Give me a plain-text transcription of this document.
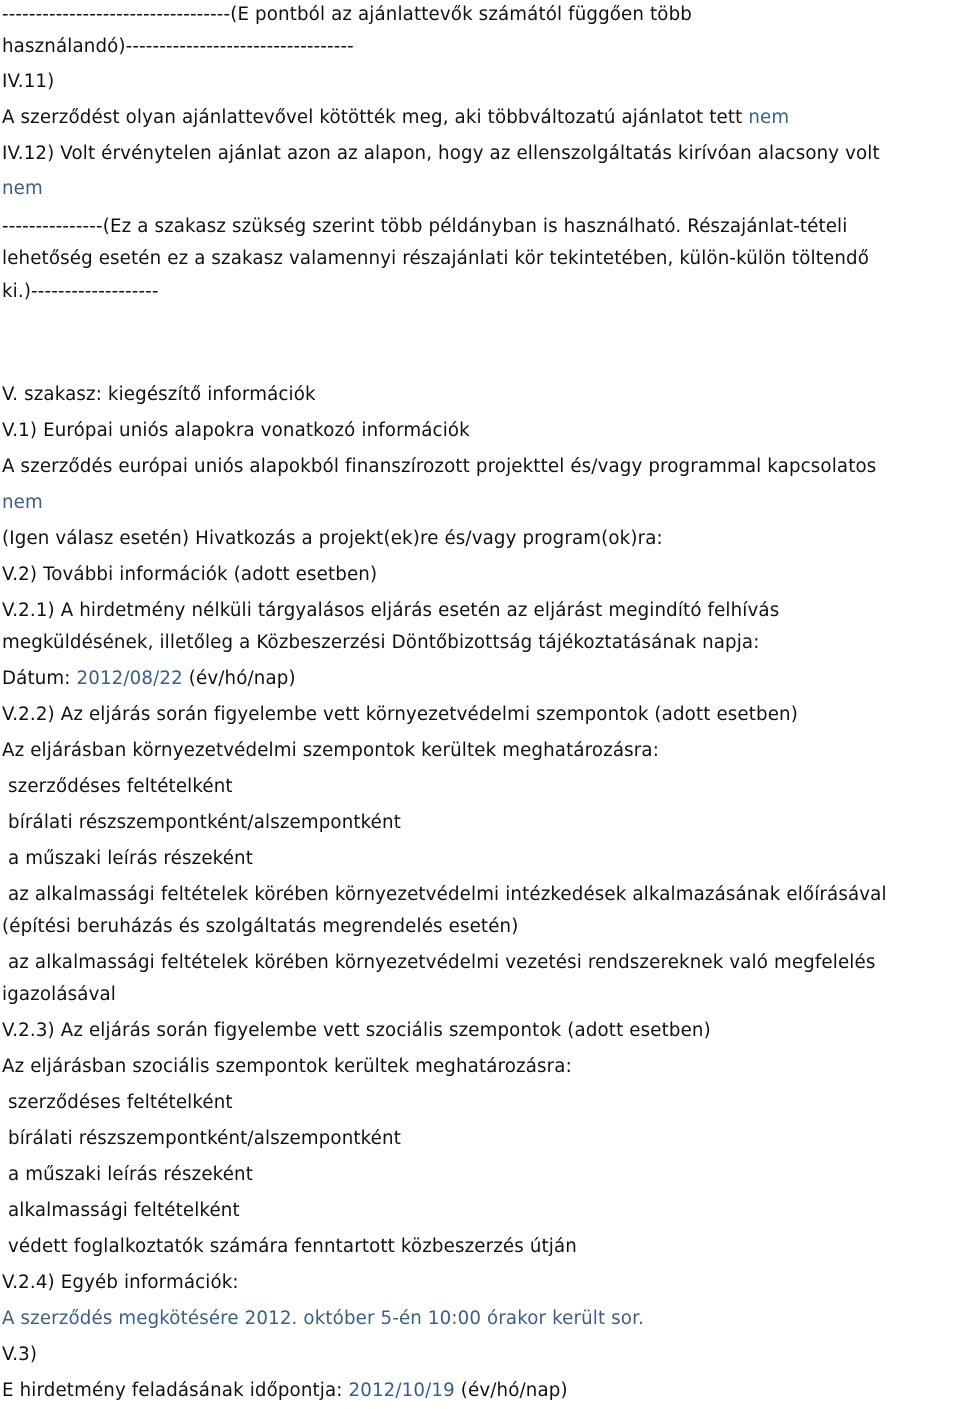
----------------------------------(E pontból az ajánlattevők számától függően több
használandó)----------------------------------
IV.11)
A szerződést olyan ajánlattevővel kötötték meg, aki többváltozatú ajánlatot tett nem
IV.12) Volt érvénytelen ajánlat azon az alapon, hogy az ellenszolgáltatás kirívóan alacsony volt
nem
---------------(Ez a szakasz szükség szerint több példányban is használható. Részajánlat-tételi
lehetőség esetén ez a szakasz valamennyi részajánlati kör tekintetében, külön-külön töltendő
ki.)-------------------
V. szakasz: kiegészítő információk
V.1) Európai uniós alapokra vonatkozó információk
A szerződés európai uniós alapokból finanszírozott projekttel és/vagy programmal kapcsolatos
nem
(Igen válasz esetén) Hivatkozás a projekt(ek)re és/vagy program(ok)ra:
V.2) További információk (adott esetben)
V.2.1) A hirdetmény nélküli tárgyalásos eljárás esetén az eljárást megindító felhívás
megküldésének, illetőleg a Közbeszerzési Döntőbizottság tájékoztatásának napja:
Dátum: 2012/08/22 (év/hó/nap)
V.2.2) Az eljárás során figyelembe vett környezetvédelmi szempontok (adott esetben)
Az eljárásban környezetvédelmi szempontok kerültek meghatározásra:
szerződéses feltételként
bírálati részszempontként/alszempontként
a műszaki leírás részeként
az alkalmassági feltételek körében környezetvédelmi intézkedések alkalmazásának előírásával
(építési beruházás és szolgáltatás megrendelés esetén)
az alkalmassági feltételek körében környezetvédelmi vezetési rendszereknek való megfelelés
igazolásával
V.2.3) Az eljárás során figyelembe vett szociális szempontok (adott esetben)
Az eljárásban szociális szempontok kerültek meghatározásra:
szerződéses feltételként
bírálati részszempontként/alszempontként
a műszaki leírás részeként
alkalmassági feltételként
védett foglalkoztatók számára fenntartott közbeszerzés útján
V.2.4) Egyéb információk:
A szerződés megkötésére 2012. október 5-én 10:00 órakor került sor.
V.3)
E hirdetmény feladásának időpontja: 2012/10/19 (év/hó/nap)
